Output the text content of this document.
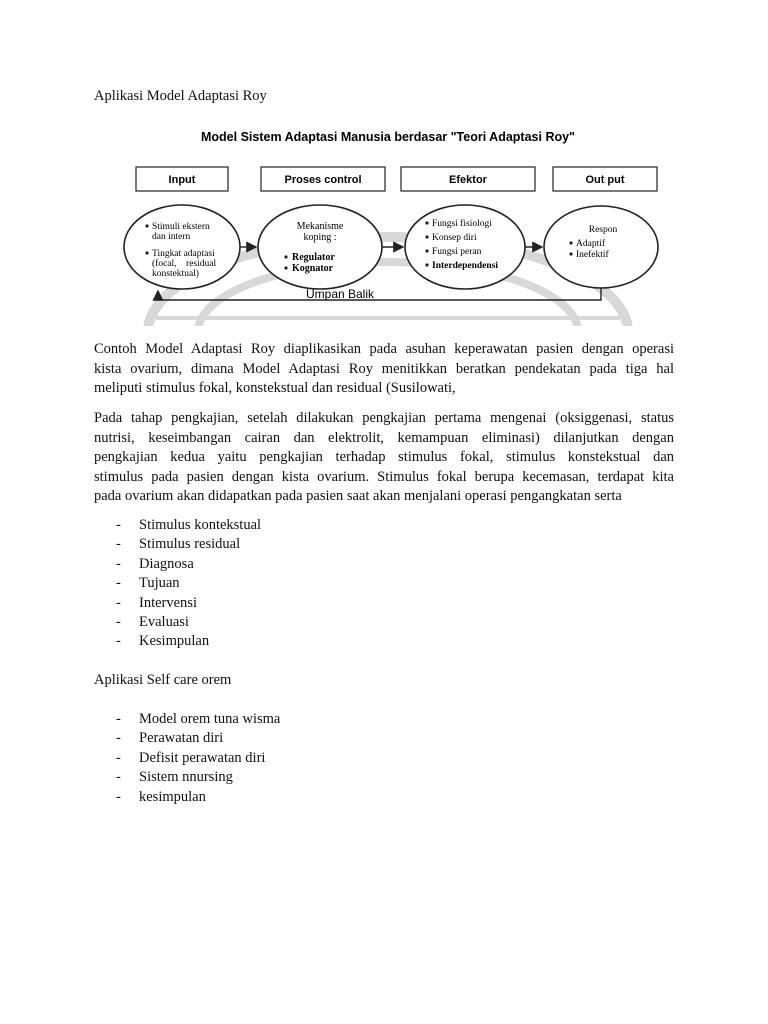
Aplikasi Model Adaptasi Roy
Model Sistem Adaptasi Manusia berdasar "Teori Adaptasi Roy"
Input	Proses control	Efektor	Out put
Stimuli ekstern
dan intern
Tingkat adaptasi
(focal,    residual
konstektual)
Mekanisme
koping :
Regulator
Kognator
Fungsi fisiologi
Konsep diri
Fungsi peran
Interdependensi
Respon
Adaptif
Inefektif
Umpan Balik
Contoh Model Adaptasi Roy diaplikasikan pada asuhan keperawatan pasien dengan operasi
kista ovarium, dimana Model Adaptasi Roy menitikkan beratkan pendekatan pada tiga hal
meliputi stimulus fokal, konstekstual dan residual (Susilowati,
Pada tahap pengkajian, setelah dilakukan pengkajian pertama mengenai (oksiggenasi, status
nutrisi, keseimbangan cairan dan elektrolit, kemampuan eliminasi) dilanjutkan dengan
pengkajian kedua yaitu pengkajian terhadap stimulus fokal, stimulus konstekstual dan
stimulus pada pasien dengan kista ovarium. Stimulus fokal berupa kecemasan, terdapat kita
pada ovarium akan didapatkan pada pasien saat akan menjalani operasi pengangkatan serta
- Stimulus kontekstual
- Stimulus residual
- Diagnosa
- Tujuan
- Intervensi
- Evaluasi
- Kesimpulan
Aplikasi Self care orem
- Model orem tuna wisma
- Perawatan diri
- Defisit perawatan diri
- Sistem nnursing
- kesimpulan
